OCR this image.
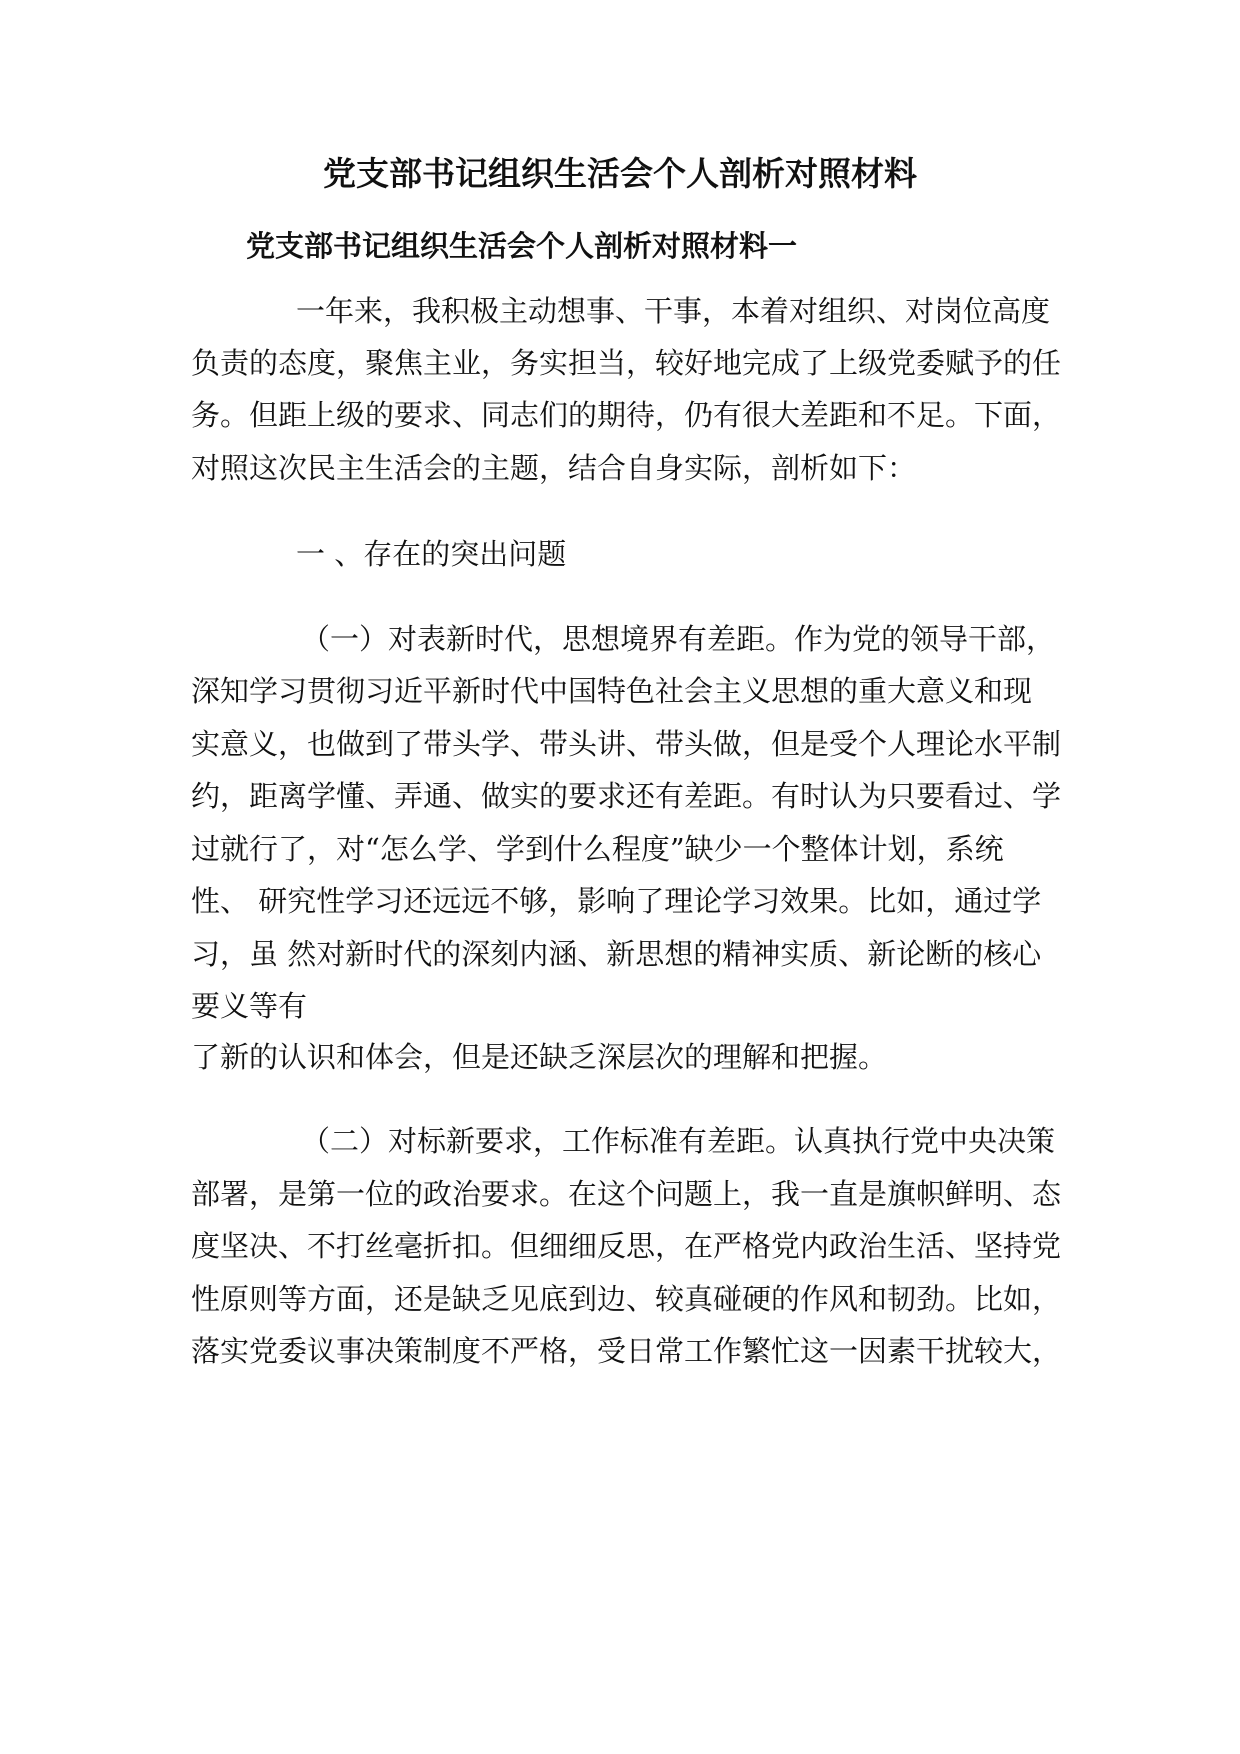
党支部书记组织生活会个人剖析对照材料
党支部书记组织生活会个人剖析对照材料一
一年来，我积极主动想事、干事，本着对组织、对岗位高度
负责的态度，聚焦主业，务实担当，较好地完成了上级党委赋予的任
务。但距上级的要求、同志们的期待，仍有很大差距和不足。下面，
对照这次民主生活会的主题，结合自身实际，剖析如下：
一 、存在的突出问题
（一）对表新时代，思想境界有差距。作为党的领导干部，
深知学习贯彻习近平新时代中国特色社会主义思想的重大意义和现
实意义，也做到了带头学、带头讲、带头做，但是受个人理论水平制
约，距离学懂、弄通、做实的要求还有差距。有时认为只要看过、学
过就行了，对“怎么学、学到什么程度”缺少一个整体计划，系统
性、 研究性学习还远远不够，影响了理论学习效果。比如，通过学
习，虽 然对新时代的深刻内涵、新思想的精神实质、新论断的核心
要义等有
了新的认识和体会，但是还缺乏深层次的理解和把握。
（二）对标新要求，工作标准有差距。认真执行党中央决策
部署，是第一位的政治要求。在这个问题上，我一直是旗帜鲜明、态
度坚决、不打丝毫折扣。但细细反思，在严格党内政治生活、坚持党
性原则等方面，还是缺乏见底到边、较真碰硬的作风和韧劲。比如，
落实党委议事决策制度不严格，受日常工作繁忙这一因素干扰较大，
